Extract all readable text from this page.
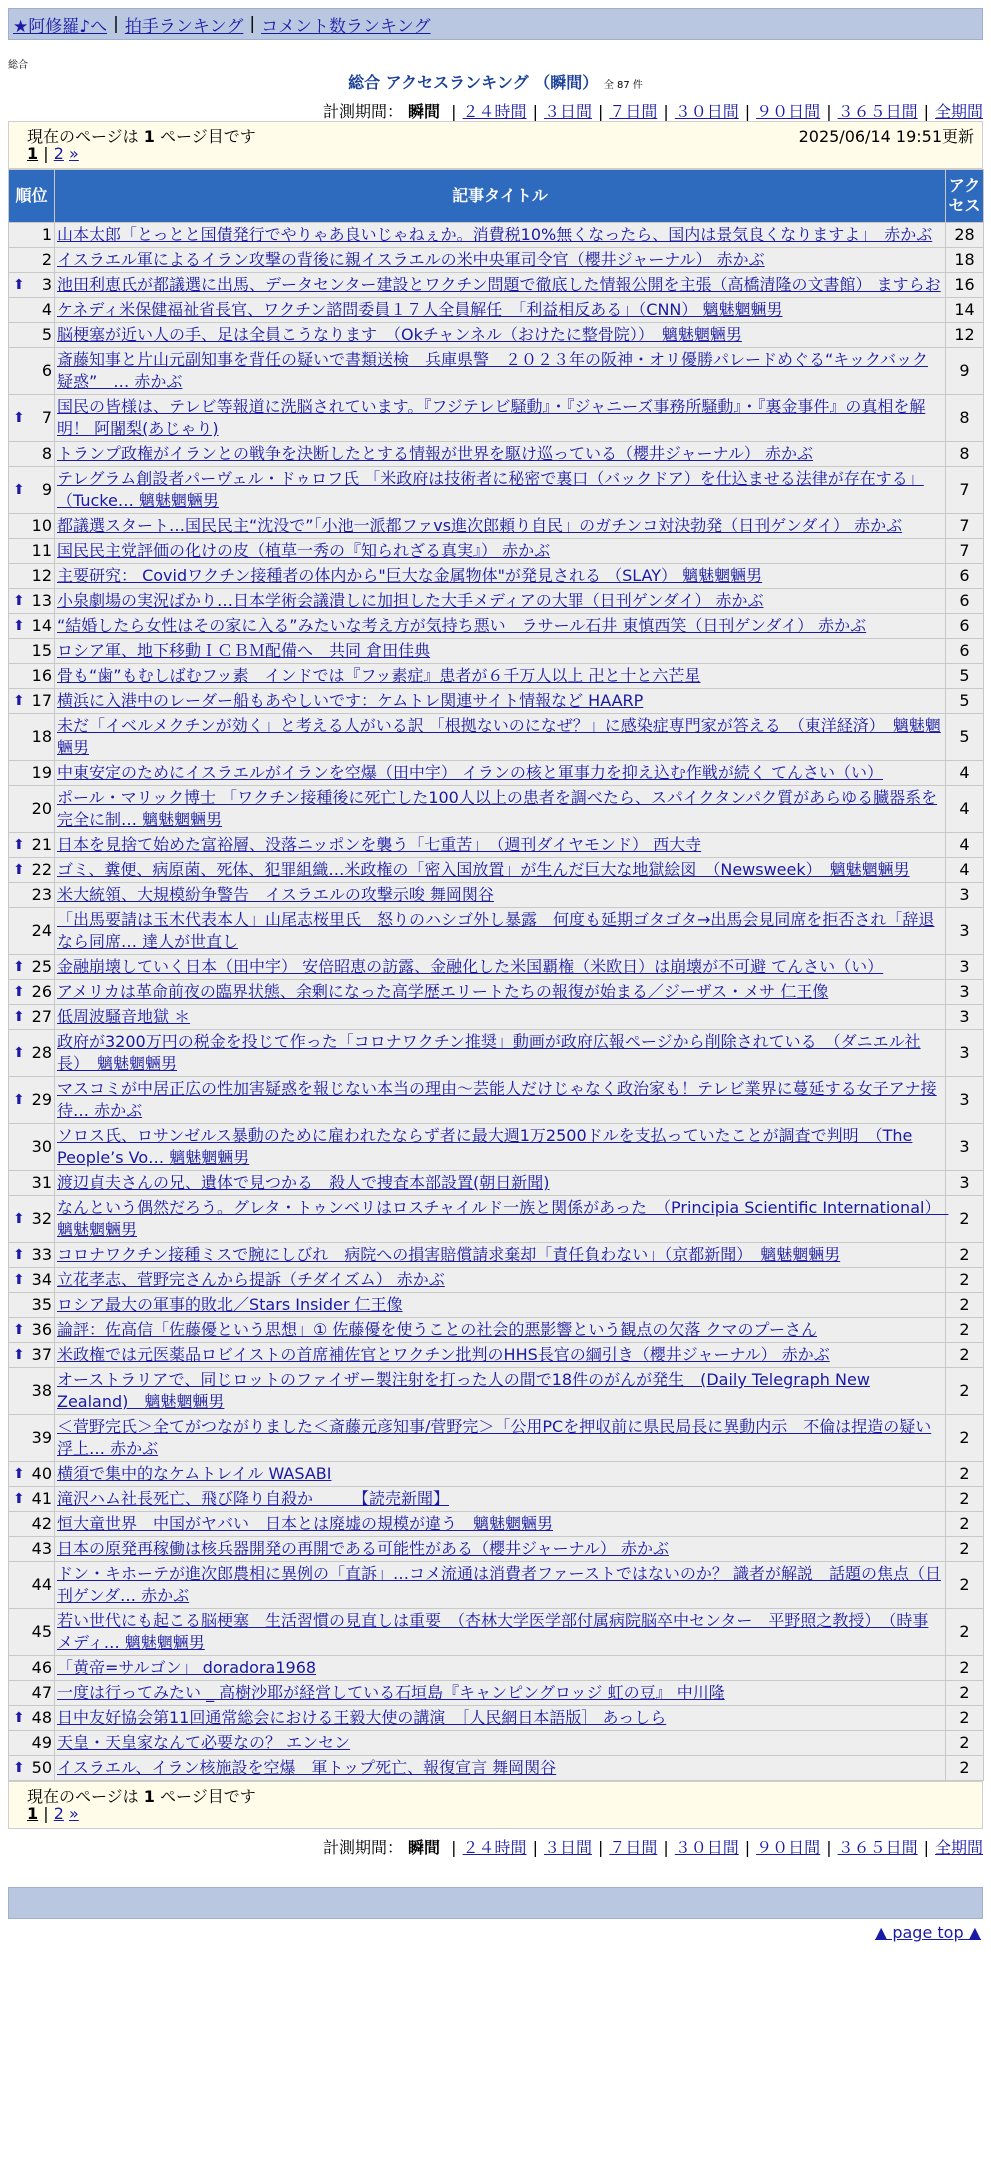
★阿修羅♪へ | 拍手ランキング | コメント数ランキング
総合
総合 アクセスランキング （瞬間） 全 87 件
計測期間： 瞬間 | ２４時間 | ３日間 | ７日間 | ３０日間 | ９０日間 | ３６５日間 | 全期間
現在のページは 1 ページ目です	2025/06/14 19:51更新
1 | 2 »
順位	記事タイトル	アクセス
1	山本太郎「とっとと国債発行でやりゃあ良いじゃねぇか。消費税10%無くなったら、国内は景気良くなりますよ」　赤かぶ	28
2	イスラエル軍によるイラン攻撃の背後に親イスラエルの米中央軍司令官（櫻井ジャーナル） 赤かぶ	18

⬆ 3	池田利恵氏が都議選に出馬、データセンター建設とワクチン問題で徹底した情報公開を主張（高橋清隆の文書館） ますらお	16
4	ケネディ米保健福祉省長官、ワクチン諮問委員１７人全員解任　「利益相反ある」（CNN） 魑魅魍魎男	14
5	脳梗塞が近い人の手、足は全員こうなります　（Okチャンネル（おけたに整骨院））　魑魅魍魎男	12
6	斎藤知事と片山元副知事を背任の疑いで書類送検　兵庫県警　２０２３年の阪神・オリ優勝パレードめぐる“キックバック疑惑”　… 赤かぶ	9

⬆ 7	国民の皆様は、テレビ等報道に洗脳されています。『フジテレビ騒動』・『ジャニーズ事務所騒動』・『裏金事件』の真相を解明！ 阿闍梨(あじゃり)	8
8	トランプ政権がイランとの戦争を決断したとする情報が世界を駆け巡っている（櫻井ジャーナル） 赤かぶ	8

⬆ 9	テレグラム創設者パーヴェル・ドゥロフ氏 「米政府は技術者に秘密で裏口（バックドア）を仕込ませる法律が存在する」（Tucke… 魑魅魍魎男	7
10	都議選スタート…国民民主“沈没で”「小池一派都ファvs進次郎頼り自民」のガチンコ対決勃発（日刊ゲンダイ） 赤かぶ	7
11	国民民主党評価の化けの皮（植草一秀の『知られざる真実』） 赤かぶ	7
12	主要研究： Covidワクチン接種者の体内から"巨大な金属物体"が発見される （SLAY） 魑魅魍魎男	6

⬆ 13	小泉劇場の実況ばかり…日本学術会議潰しに加担した大手メディアの大罪（日刊ゲンダイ） 赤かぶ	6

⬆ 14	“結婚したら女性はその家に入る”みたいな考え方が気持ち悪い　ラサール石井 東慎西笑（日刊ゲンダイ） 赤かぶ	6
15	ロシア軍、地下移動ＩＣＢＭ配備へ　共同 倉田佳典	6
16	骨も“歯”もむしばむフッ素　インドでは『フッ素症』患者が６千万人以上 卍と十と六芒星	5

⬆ 17	横浜に入港中のレーダー船もあやしいです：ケムトレ関連サイト情報など HAARP	5
18	未だ「イベルメクチンが効く」と考える人がいる訳 「根拠ないのになぜ？」に感染症専門家が答える　（東洋経済）　魑魅魍魎男	5
19	中東安定のためにイスラエルがイランを空爆（田中宇） イランの核と軍事力を抑え込む作戦が続く てんさい（い）	4
20	ポール・マリック博士 「ワクチン接種後に死亡した100人以上の患者を調べたら、スパイクタンパク質があらゆる臓器系を完全に制… 魑魅魍魎男	4

⬆ 21	日本を見捨て始めた富裕層、没落ニッポンを襲う「七重苦」　（週刊ダイヤモンド） 西大寺	4

⬆ 22	ゴミ、糞便、病原菌、死体、犯罪組織…米政権の「密入国放置」が生んだ巨大な地獄絵図　（Newsweek）　魑魅魍魎男	4
23	米大統領、大規模紛争警告　イスラエルの攻撃示唆 舞岡関谷	3
24	「出馬要請は玉木代表本人」山尾志桜里氏　怒りのハシゴ外し暴露　何度も延期ゴタゴタ→出馬会見同席を拒否され「辞退なら同席… 達人が世直し	3

⬆ 25	金融崩壊していく日本（田中宇） 安倍昭恵の訪露、金融化した米国覇権（米欧日）は崩壊が不可避 てんさい（い）	3

⬆ 26	アメリカは革命前夜の臨界状態、余剰になった高学歴エリートたちの報復が始まる／ジーザス・メサ 仁王像	3

⬆ 27	低周波騒音地獄 ＊	3

⬆ 28	政府が3200万円の税金を投じて作った「コロナワクチン推奨」動画が政府広報ページから削除されている　（ダニエル社長）　魑魅魍魎男	3

⬆ 29	マスコミが中居正広の性加害疑惑を報じない本当の理由～芸能人だけじゃなく政治家も！テレビ業界に蔓延する女子アナ接待… 赤かぶ	3
30	ソロス氏、ロサンゼルス暴動のために雇われたならず者に最大週1万2500ドルを支払っていたことが調査で判明　（The People’s Vo… 魑魅魍魎男	3
31	渡辺貞夫さんの兄、遺体で見つかる　殺人で捜査本部設置(朝日新聞)	3

⬆ 32	なんという偶然だろう。グレタ・トゥンベリはロスチャイルド一族と関係があった　（Principia Scientific International）　魑魅魍魎男	2

⬆ 33	コロナワクチン接種ミスで腕にしびれ　病院への損害賠償請求棄却「責任負わない」（京都新聞）　魑魅魍魎男	2

⬆ 34	立花孝志、菅野完さんから提訴（チダイズム） 赤かぶ	2
35	ロシア最大の軍事的敗北／Stars Insider 仁王像	2

⬆ 36	論評：佐高信「佐藤優という思想」① 佐藤優を使うことの社会的悪影響という観点の欠落 クマのプーさん	2

⬆ 37	米政権では元医薬品ロビイストの首席補佐官とワクチン批判のHHS長官の綱引き（櫻井ジャーナル） 赤かぶ	2
38	オーストラリアで、同じロットのファイザー製注射を打った人の間で18件のがんが発生　(Daily Telegraph New Zealand)　魑魅魍魎男	2
39	＜菅野完氏＞全てがつながりました＜斎藤元彦知事/菅野完＞「公用PCを押収前に県民局長に異動内示　不倫は捏造の疑い浮上… 赤かぶ	2

⬆ 40	横須で集中的なケムトレイル WASABI	2

⬆ 41	滝沢ハム社長死亡、飛び降り自殺か　　　【読売新聞】	2
42	恒大童世界　中国がヤバい　日本とは廃墟の規模が違う　魑魅魍魎男	2
43	日本の原発再稼働は核兵器開発の再開である可能性がある（櫻井ジャーナル） 赤かぶ	2
44	ドン・キホーテが進次郎農相に異例の「直訴」…コメ流通は消費者ファーストではないのか？ 識者が解説　話題の焦点（日刊ゲンダ… 赤かぶ	2
45	若い世代にも起こる脳梗塞　生活習慣の見直しは重要　（杏林大学医学部付属病院脳卒中センター　平野照之教授）　（時事メディ… 魑魅魍魎男	2
46	「黄帝=サルゴン」 doradora1968	2
47	一度は行ってみたい _ 高樹沙耶が経営している石垣島『キャンピングロッジ 虹の豆』 中川隆	2

⬆ 48	日中友好協会第11回通常総会における王毅大使の講演　［人民網日本語版］ あっしら	2
49	天皇・天皇家なんて必要なの？ エンセン	2

⬆ 50	イスラエル、イラン核施設を空爆　軍トップ死亡、報復宣言 舞岡関谷	2
現在のページは 1 ページ目です
1 | 2 »
計測期間： 瞬間 | ２４時間 | ３日間 | ７日間 | ３０日間 | ９０日間 | ３６５日間 | 全期間
▲ page top ▲
